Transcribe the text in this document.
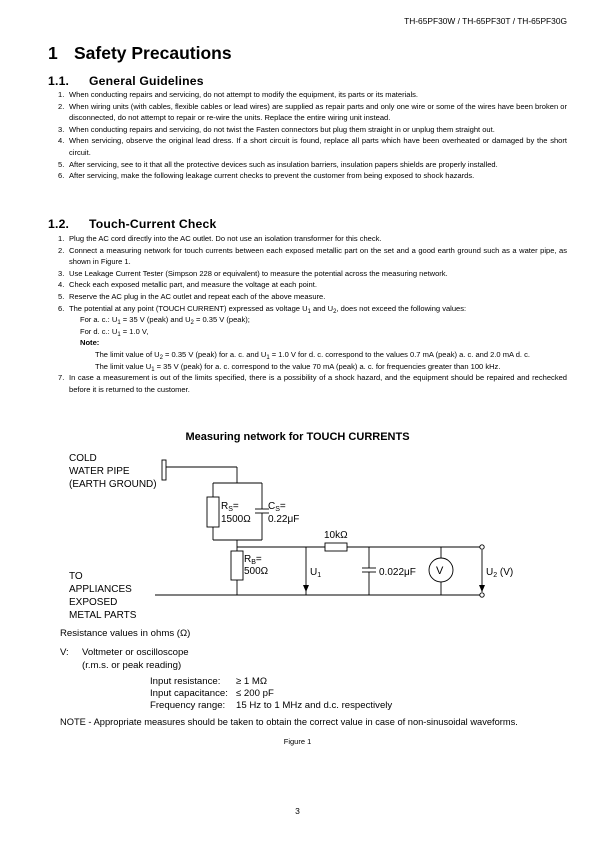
TH-65PF30W / TH-65PF30T / TH-65PF30G
1 Safety Precautions
1.1. General Guidelines
1. When conducting repairs and servicing, do not attempt to modify the equipment, its parts or its materials.
2. When wiring units (with cables, flexible cables or lead wires) are supplied as repair parts and only one wire or some of the wires have been broken or disconnected, do not attempt to repair or re-wire the units. Replace the entire wiring unit instead.
3. When conducting repairs and servicing, do not twist the Fasten connectors but plug them straight in or unplug them straight out.
4. When servicing, observe the original lead dress. If a short circuit is found, replace all parts which have been overheated or damaged by the short circuit.
5. After servicing, see to it that all the protective devices such as insulation barriers, insulation papers shields are properly installed.
6. After servicing, make the following leakage current checks to prevent the customer from being exposed to shock hazards.
1.2. Touch-Current Check
1. Plug the AC cord directly into the AC outlet. Do not use an isolation transformer for this check.
2. Connect a measuring network for touch currents between each exposed metallic part on the set and a good earth ground such as a water pipe, as shown in Figure 1.
3. Use Leakage Current Tester (Simpson 228 or equivalent) to measure the potential across the measuring network.
4. Check each exposed metallic part, and measure the voltage at each point.
5. Reserve the AC plug in the AC outlet and repeat each of the above measure.
6. The potential at any point (TOUCH CURRENT) expressed as voltage $U_1$ and $U_2$, does not exceed the following values:
For a. c.: $U_1 = 35$ V (peak) and $U_2 = 0.35$ V (peak);
For d. c.: $U_1 = 1.0$ V,
Note:
The limit value of $U_2 = 0.35$ V (peak) for a. c. and $U_1 = 1.0$ V for d. c. correspond to the values 0.7 mA (peak) a. c. and 2.0 mA d. c.
The limit value $U_1 = 35$ V (peak) for a. c. correspond to the value 70 mA (peak) a. c. for frequencies greater than 100 kHz.
7. In case a measurement is out of the limits specified, there is a possibility of a shock hazard, and the equipment should be repaired and rechecked before it is returned to the customer.
Measuring network for TOUCH CURRENTS
COLD
WATER PIPE
(EARTH GROUND)
$R_S=$
1500Ω
$C_S=$
0.22μF
10kΩ
$R_B=$
500Ω	$U_1$	0.022μF V	$U_2$ (V)
TO
APPLIANCES
EXPOSED
METAL PARTS
Resistance values in ohms (Ω)
V: Voltmeter or oscilloscope
(r.m.s. or peak reading)
Input resistance: ≥ 1 MΩ
Input capacitance: ≤ 200 pF
Frequency range: 15 Hz to 1 MHz and d.c. respectively
NOTE - Appropriate measures should be taken to obtain the correct value in case of non-sinusoidal waveforms.
Figure 1
3
